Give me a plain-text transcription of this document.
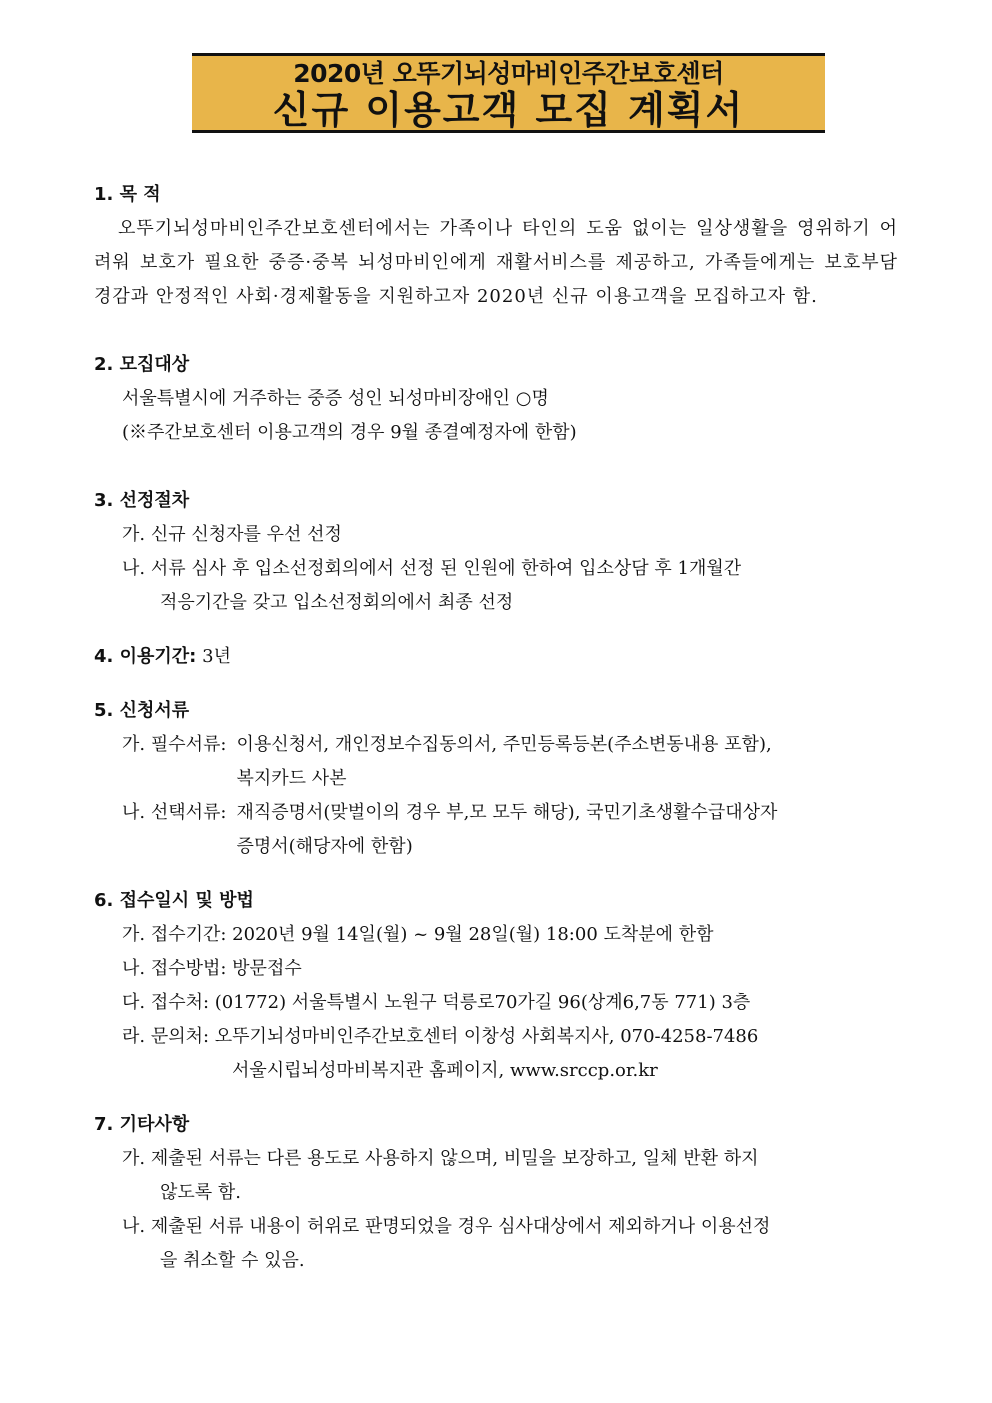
2020년 오뚜기뇌성마비인주간보호센터
신규 이용고객 모집 계획서
1. 목 적
오뚜기뇌성마비인주간보호센터에서는 가족이나 타인의 도움 없이는 일상생활을 영위하기 어려워 보호가 필요한 중증·중복 뇌성마비인에게 재활서비스를 제공하고, 가족들에게는 보호부담 경감과 안정적인 사회·경제활동을 지원하고자 2020년 신규 이용고객을 모집하고자 함.
2. 모집대상
서울특별시에 거주하는 중증 성인 뇌성마비장애인 ○명
(※주간보호센터 이용고객의 경우 9월 종결예정자에 한함)
3. 선정절차
가. 신규 신청자를 우선 선정
나. 서류 심사 후 입소선정회의에서 선정 된 인원에 한하여 입소상담 후 1개월간
적응기간을 갖고 입소선정회의에서 최종 선정
4. 이용기간: 3년
5. 신청서류
가. 필수서류: 이용신청서, 개인정보수집동의서, 주민등록등본(주소변동내용 포함),
복지카드 사본
나. 선택서류: 재직증명서(맞벌이의 경우 부,모 모두 해당), 국민기초생활수급대상자
증명서(해당자에 한함)
6. 접수일시 및 방법
가. 접수기간: 2020년 9월 14일(월) ~ 9월 28일(월) 18:00 도착분에 한함
나. 접수방법: 방문접수
다. 접수처: (01772) 서울특별시 노원구 덕릉로70가길 96(상계6,7동 771) 3층
라. 문의처: 오뚜기뇌성마비인주간보호센터 이창성 사회복지사, 070-4258-7486
서울시립뇌성마비복지관 홈페이지, www.srccp.or.kr
7. 기타사항
가. 제출된 서류는 다른 용도로 사용하지 않으며, 비밀을 보장하고, 일체 반환 하지
않도록 함.
나. 제출된 서류 내용이 허위로 판명되었을 경우 심사대상에서 제외하거나 이용선정
을 취소할 수 있음.
